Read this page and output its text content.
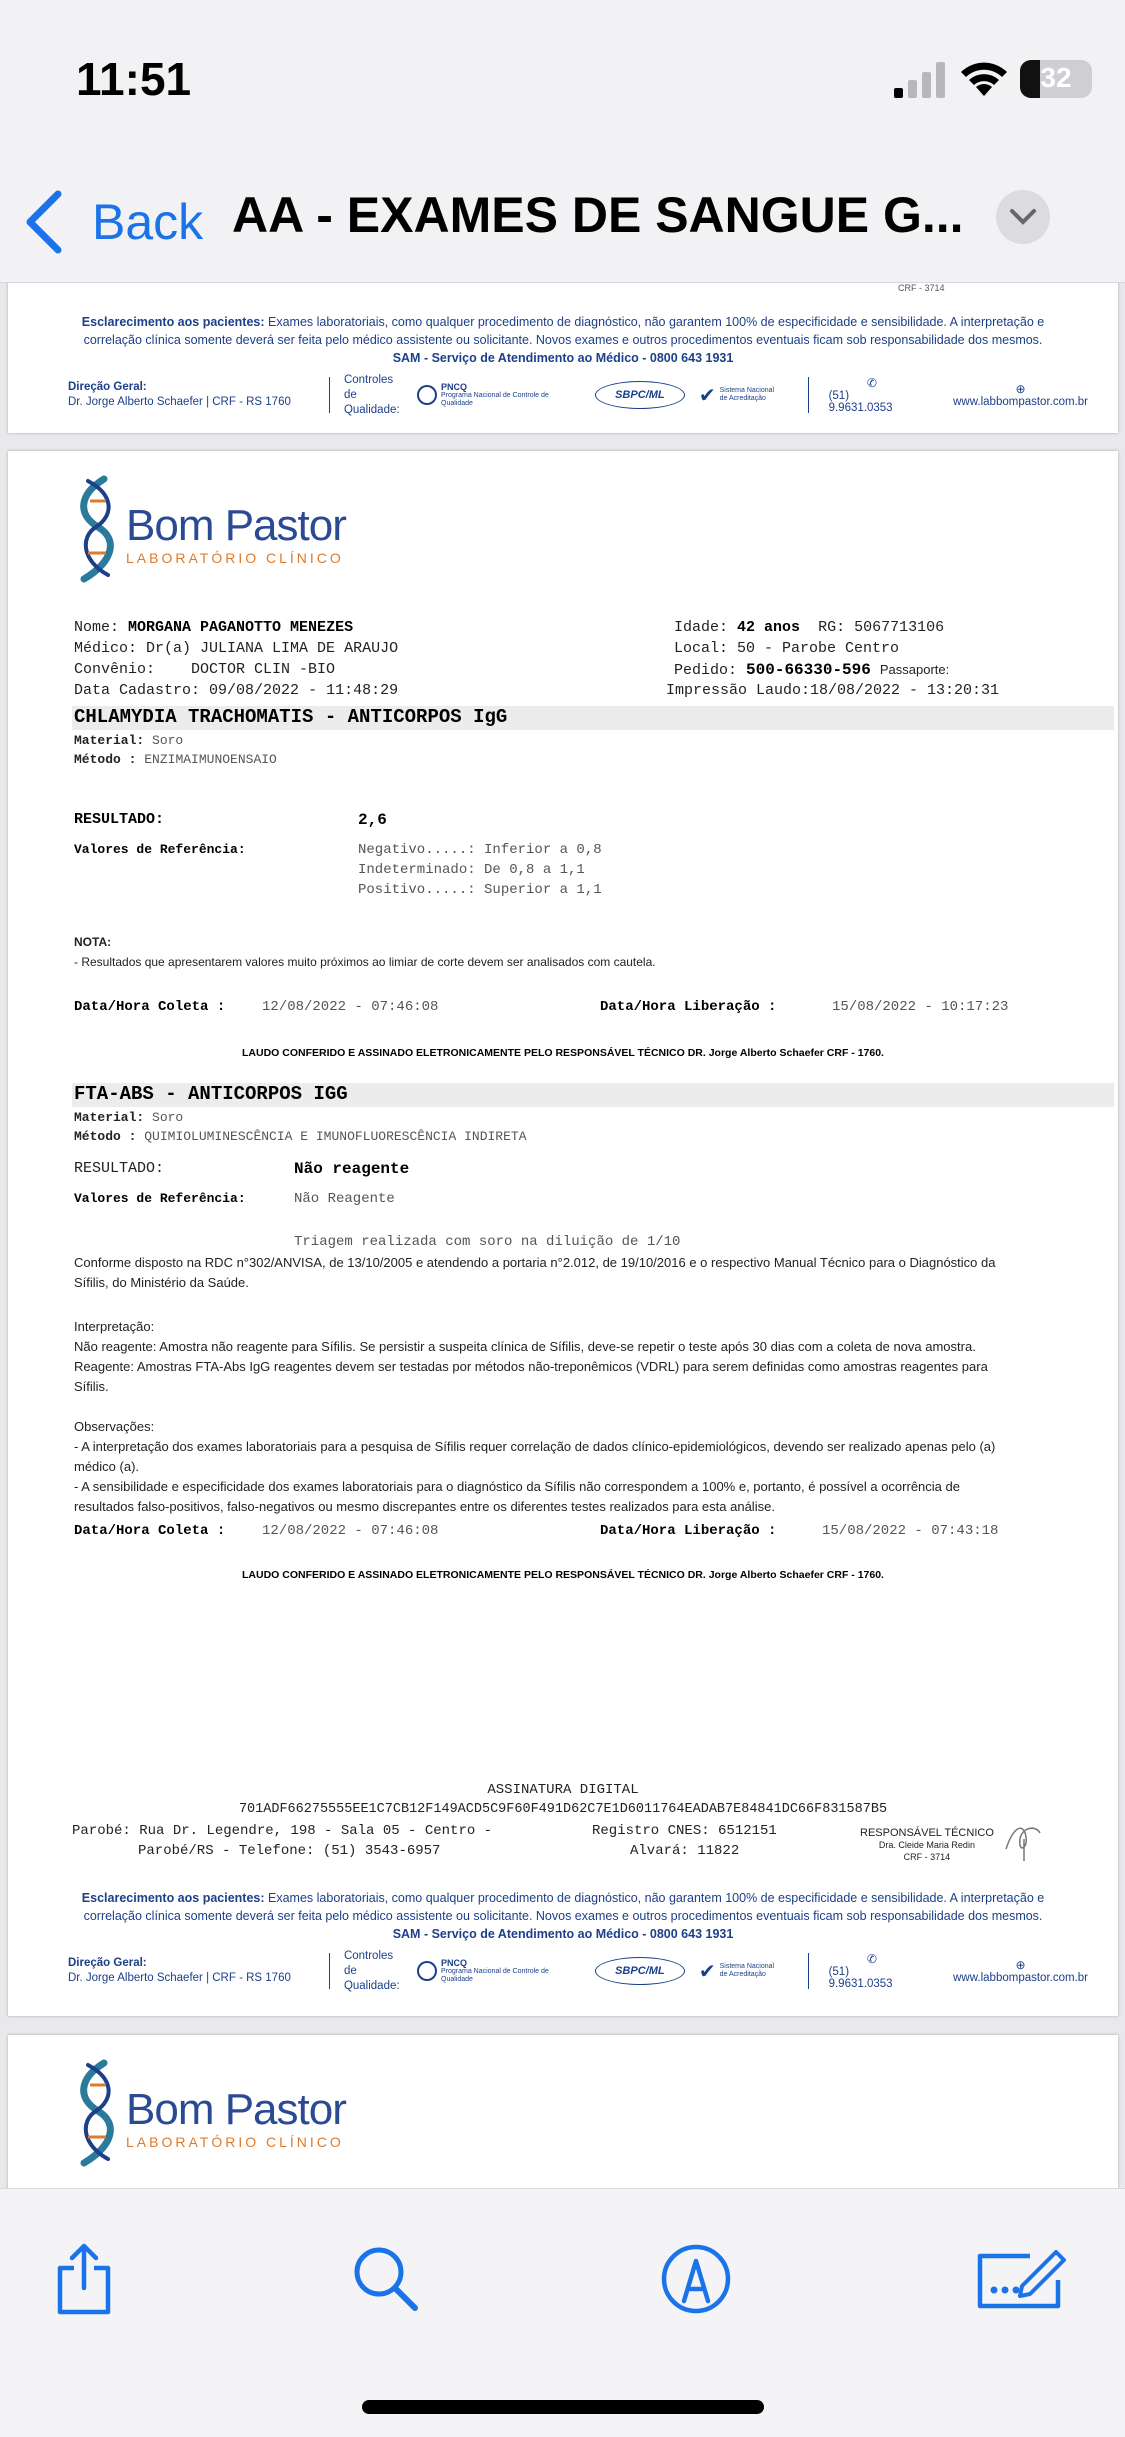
11:51	32
Back AA - EXAMES DE SANGUE G...
CRF - 3714
Esclarecimento aos pacientes: Exames laboratoriais, como qualquer procedimento de diagnóstico, não garantem 100% de especificidade e sensibilidade. A interpretação e
correlação clínica somente deverá ser feita pelo médico assistente ou solicitante. Novos exames e outros procedimentos eventuais ficam sob responsabilidade dos mesmos.
SAM - Serviço de Atendimento ao Médico - 0800 643 1931
Direção Geral:
Dr. Jorge Alberto Schaefer | CRF - RS 1760
Controles
de Qualidade:
PNCQ
Programa Nacional de Controle de Qualidade
SBPC/ML	✔ Sistema Nacional de Acreditação
✆
(51) 9.9631.0353
⊕
www.labbompastor.com.br
Bom Pastor
LABORATÓRIO CLÍNICO
Nome: MORGANA PAGANOTTO MENEZES
Médico: Dr(a) JULIANA LIMA DE ARAUJO
Convênio: DOCTOR CLIN -BIO
Data Cadastro: 09/08/2022 - 11:48:29
Idade: 42 anos RG: 5067713106
Local: 50 - Parobe Centro
Pedido: 500-66330-596 Passaporte:
Impressão Laudo:18/08/2022 - 13:20:31
CHLAMYDIA TRACHOMATIS - ANTICORPOS IgG
Material: Soro
Método : ENZIMAIMUNOENSAIO
RESULTADO:	2,6
Valores de Referência:	Negativo.....: Inferior a 0,8
Indeterminado: De 0,8 a 1,1
Positivo.....: Superior a 1,1
NOTA:
- Resultados que apresentarem valores muito próximos ao limiar de corte devem ser analisados com cautela.
Data/Hora Coleta :	12/08/2022 - 07:46:08	Data/Hora Liberação :	15/08/2022 - 10:17:23
LAUDO CONFERIDO E ASSINADO ELETRONICAMENTE PELO RESPONSÁVEL TÉCNICO DR. Jorge Alberto Schaefer CRF - 1760.
FTA-ABS - ANTICORPOS IGG
Material: Soro
Método : QUIMIOLUMINESCÊNCIA E IMUNOFLUORESCÊNCIA INDIRETA
RESULTADO:	Não reagente
Valores de Referência:	Não Reagente
Triagem realizada com soro na diluição de 1/10
Conforme disposto na RDC n°302/ANVISA, de 13/10/2005 e atendendo a portaria n°2.012, de 19/10/2016 e o respectivo Manual Técnico para o Diagnóstico da
Sífilis, do Ministério da Saúde.
Interpretação:
Não reagente: Amostra não reagente para Sífilis. Se persistir a suspeita clínica de Sífilis, deve-se repetir o teste após 30 dias com a coleta de nova amostra.
Reagente: Amostras FTA-Abs IgG reagentes devem ser testadas por métodos não-treponêmicos (VDRL) para serem definidas como amostras reagentes para
Sífilis.
Observações:
- A interpretação dos exames laboratoriais para a pesquisa de Sífilis requer correlação de dados clínico-epidemiológicos, devendo ser realizado apenas pelo (a)
médico (a).
- A sensibilidade e especificidade dos exames laboratoriais para o diagnóstico da Sífilis não correspondem a 100% e, portanto, é possível a ocorrência de
resultados falso-positivos, falso-negativos ou mesmo discrepantes entre os diferentes testes realizados para esta análise.
Data/Hora Coleta :	12/08/2022 - 07:46:08	Data/Hora Liberação :	15/08/2022 - 07:43:18
LAUDO CONFERIDO E ASSINADO ELETRONICAMENTE PELO RESPONSÁVEL TÉCNICO DR. Jorge Alberto Schaefer CRF - 1760.
ASSINATURA DIGITAL
701ADF66275555EE1C7CB12F149ACD5C9F60F491D62C7E1D6011764EADAB7E84841DC66F831587B5
Parobé: Rua Dr. Legendre, 198 - Sala 05 - Centro -
Parobé/RS - Telefone: (51) 3543-6957
Registro CNES: 6512151
Alvará: 11822
RESPONSÁVEL TÉCNICO
Dra. Cleide Maria Redin
CRF - 3714
Esclarecimento aos pacientes: Exames laboratoriais, como qualquer procedimento de diagnóstico, não garantem 100% de especificidade e sensibilidade. A interpretação e
correlação clínica somente deverá ser feita pelo médico assistente ou solicitante. Novos exames e outros procedimentos eventuais ficam sob responsabilidade dos mesmos.
SAM - Serviço de Atendimento ao Médico - 0800 643 1931
Direção Geral:
Dr. Jorge Alberto Schaefer | CRF - RS 1760
Controles
de Qualidade:
PNCQ
Programa Nacional de Controle de Qualidade
SBPC/ML	✔ Sistema Nacional de Acreditação
✆
(51) 9.9631.0353
⊕
www.labbompastor.com.br
Bom Pastor
LABORATÓRIO CLÍNICO
